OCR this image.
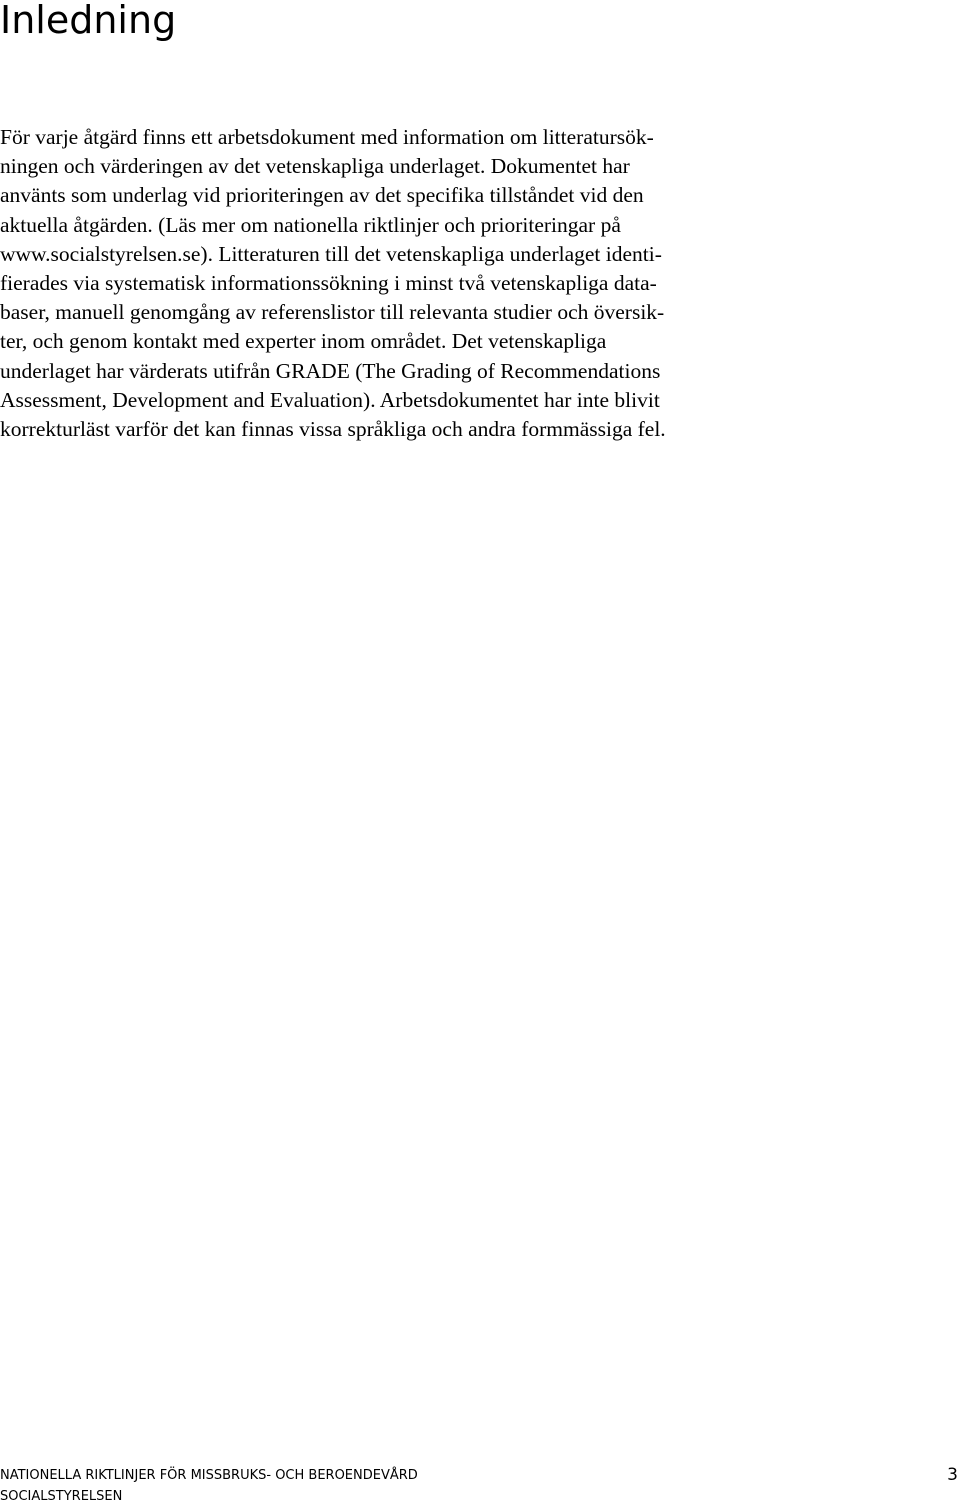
Inledning
För varje åtgärd finns ett arbetsdokument med information om litteratursök-
ningen och värderingen av det vetenskapliga underlaget. Dokumentet har
använts som underlag vid prioriteringen av det specifika tillståndet vid den
aktuella åtgärden. (Läs mer om nationella riktlinjer och prioriteringar på
www.socialstyrelsen.se). Litteraturen till det vetenskapliga underlaget identi-
fierades via systematisk informationssökning i minst två vetenskapliga data-
baser, manuell genomgång av referenslistor till relevanta studier och översik-
ter, och genom kontakt med experter inom området. Det vetenskapliga
underlaget har värderats utifrån GRADE (The Grading of Recommendations
Assessment, Development and Evaluation). Arbetsdokumentet har inte blivit
korrekturläst varför det kan finnas vissa språkliga och andra formmässiga fel.
NATIONELLA RIKTLINJER FÖR MISSBRUKS- OCH BEROENDEVÅRD	3
SOCIALSTYRELSEN
